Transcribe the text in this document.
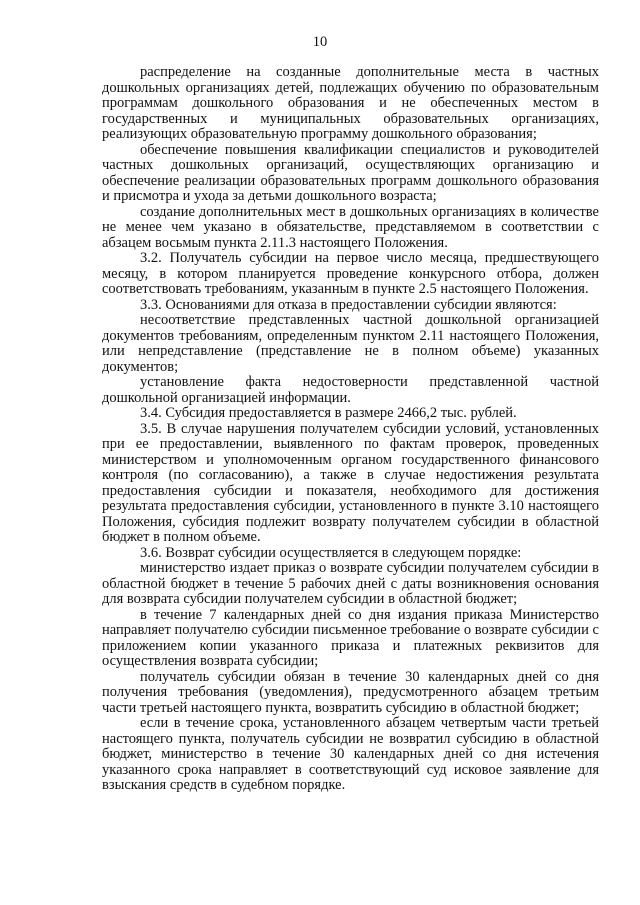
10

распределение на созданные дополнительные места в частных дошкольных организациях детей, подлежащих обучению по образовательным программам дошкольного образования и не обеспеченных местом в государственных и муниципальных образовательных организациях, реализующих образовательную программу дошкольного образования;

обеспечение повышения квалификации специалистов и руководителей частных дошкольных организаций, осуществляющих организацию и обеспечение реализации образовательных программ дошкольного образования и присмотра и ухода за детьми дошкольного возраста;

создание дополнительных мест в дошкольных организациях в количестве не менее чем указано в обязательстве, представляемом в соответствии с абзацем восьмым пункта 2.11.3 настоящего Положения.

3.2. Получатель субсидии на первое число месяца, предшествующего месяцу, в котором планируется проведение конкурсного отбора, должен соответствовать требованиям, указанным в пункте 2.5 настоящего Положения.

3.3. Основаниями для отказа в предоставлении субсидии являются:

несоответствие представленных частной дошкольной организацией документов требованиям, определенным пунктом 2.11 настоящего Положения, или непредставление (представление не в полном объеме) указанных документов;

установление факта недостоверности представленной частной дошкольной организацией информации.

3.4. Субсидия предоставляется в размере 2466,2 тыс. рублей.

3.5. В случае нарушения получателем субсидии условий, установленных при ее предоставлении, выявленного по фактам проверок, проведенных министерством и уполномоченным органом государственного финансового контроля (по согласованию), а также в случае недостижения результата предоставления субсидии и показателя, необходимого для достижения результата предоставления субсидии, установленного в пункте 3.10 настоящего Положения, субсидия подлежит возврату получателем субсидии в областной бюджет в полном объеме.

3.6. Возврат субсидии осуществляется в следующем порядке:

министерство издает приказ о возврате субсидии получателем субсидии в областной бюджет в течение 5 рабочих дней с даты возникновения основания для возврата субсидии получателем субсидии в областной бюджет;

в течение 7 календарных дней со дня издания приказа Министерство направляет получателю субсидии письменное требование о возврате субсидии с приложением копии указанного приказа и платежных реквизитов для осуществления возврата субсидии;

получатель субсидии обязан в течение 30 календарных дней со дня получения требования (уведомления), предусмотренного абзацем третьим части третьей настоящего пункта, возвратить субсидию в областной бюджет;

если в течение срока, установленного абзацем четвертым части третьей настоящего пункта, получатель субсидии не возвратил субсидию в областной бюджет, министерство в течение 30 календарных дней со дня истечения указанного срока направляет в соответствующий суд исковое заявление для взыскания средств в судебном порядке.
